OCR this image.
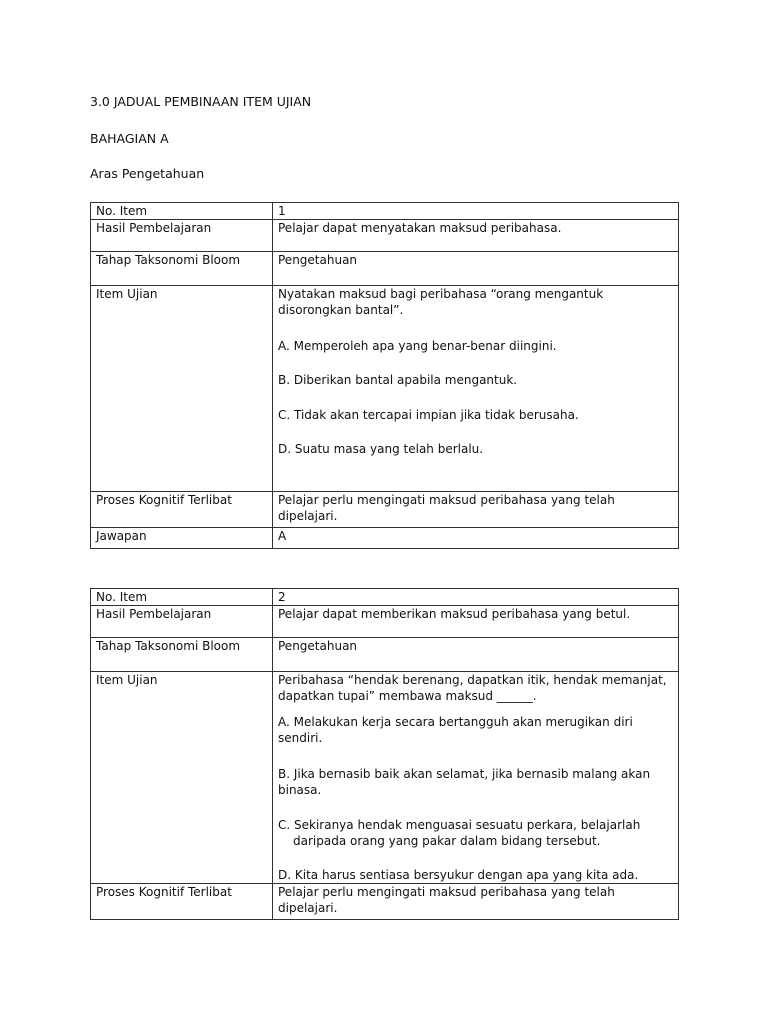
3.0 JADUAL PEMBINAAN ITEM UJIAN
BAHAGIAN A
Aras Pengetahuan
No. Item	1
Hasil Pembelajaran	Pelajar dapat menyatakan maksud peribahasa.
Tahap Taksonomi Bloom	Pengetahuan
Item Ujian	Nyatakan maksud bagi peribahasa “orang mengantuk disorongkan bantal”.
A. Memperoleh apa yang benar-benar diingini.
B. Diberikan bantal apabila mengantuk.
C. Tidak akan tercapai impian jika tidak berusaha.
D. Suatu masa yang telah berlalu.

Proses Kognitif Terlibat	Pelajar perlu mengingati maksud peribahasa yang telah dipelajari.
Jawapan	A
No. Item	2
Hasil Pembelajaran	Pelajar dapat memberikan maksud peribahasa yang betul.
Tahap Taksonomi Bloom	Pengetahuan
Item Ujian	Peribahasa “hendak berenang, dapatkan itik, hendak memanjat, dapatkan tupai” membawa maksud ______.
A. Melakukan kerja secara bertangguh akan merugikan diri sendiri.
B. Jika bernasib baik akan selamat, jika bernasib malang akan binasa.
C. Sekiranya hendak menguasai sesuatu perkara, belajarlah daripada orang yang pakar dalam bidang tersebut.
D. Kita harus sentiasa bersyukur dengan apa yang kita ada.

Proses Kognitif Terlibat	Pelajar perlu mengingati maksud peribahasa yang telah dipelajari.
